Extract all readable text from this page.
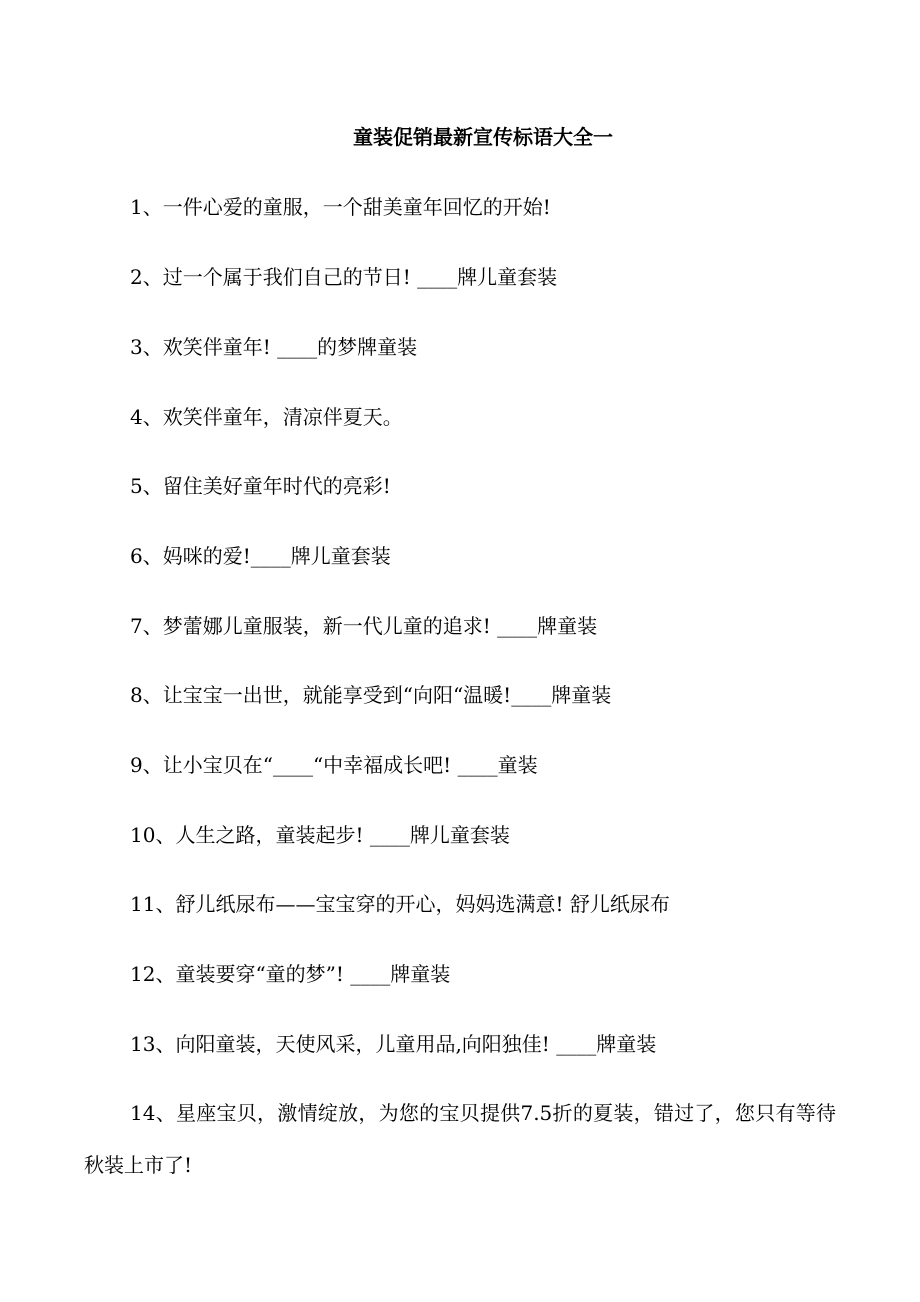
童装促销最新宣传标语大全一
1、一件心爱的童服，一个甜美童年回忆的开始!
2、过一个属于我们自己的节日! ____牌儿童套装
3、欢笑伴童年! ____的梦牌童装
4、欢笑伴童年，清凉伴夏天。
5、留住美好童年时代的亮彩!
6、妈咪的爱!____牌儿童套装
7、梦蕾娜儿童服装，新一代儿童的追求! ____牌童装
8、让宝宝一出世，就能享受到“向阳“温暖!____牌童装
9、让小宝贝在“____“中幸福成长吧! ____童装
10、人生之路，童装起步! ____牌儿童套装
11、舒儿纸尿布——宝宝穿的开心，妈妈选满意! 舒儿纸尿布
12、童装要穿“童的梦”! ____牌童装
13、向阳童装，天使风采，儿童用品,向阳独佳! ____牌童装
14、星座宝贝，激情绽放，为您的宝贝提供7.5折的夏装，错过了，您只有等待秋装上市了!
